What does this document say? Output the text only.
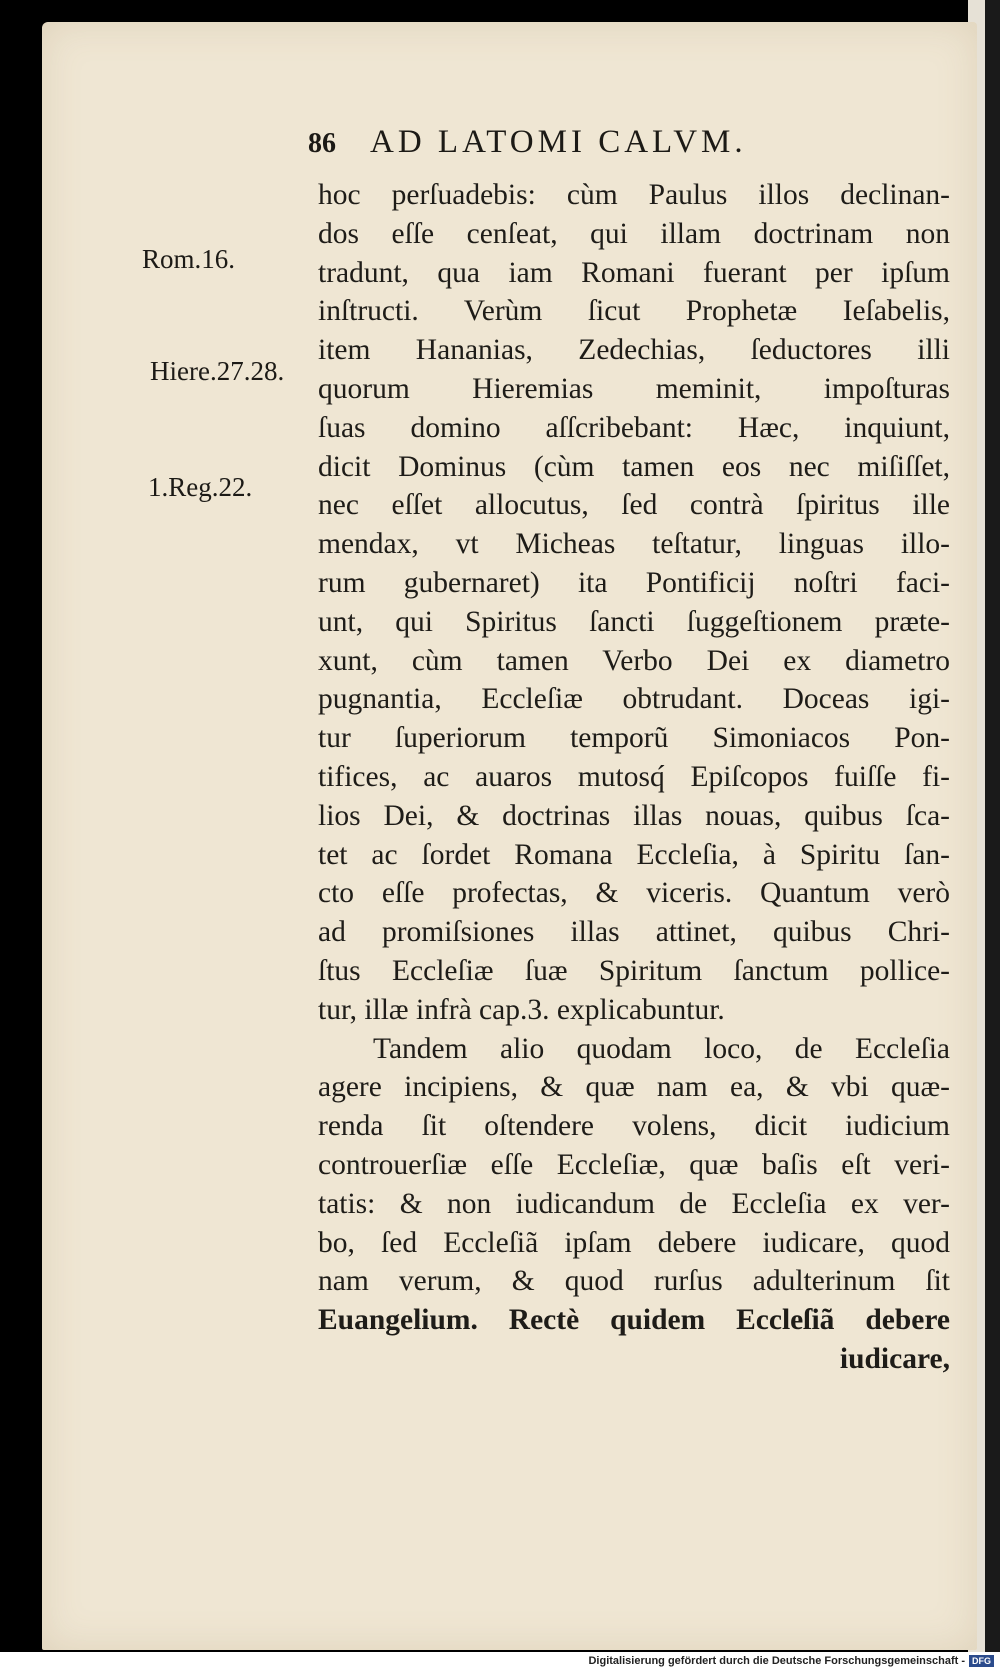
86	AD LATOMI CALVM.
Rom.16.
Hiere.27.28.
1.Reg.22.
hoc perſuadebis: cùm Paulus illos declinan-
dos eſſe cenſeat, qui illam doctrinam non
tradunt, qua iam Romani fuerant per ipſum
inſtructi. Verùm ſicut Prophetæ Ieſabelis,
item Hananias, Zedechias, ſeductores illi
quorum Hieremias meminit, impoſturas
ſuas domino aſſcribebant: Hæc, inquiunt,
dicit Dominus (cùm tamen eos nec miſiſſet,
nec eſſet allocutus, ſed contrà ſpiritus ille
mendax, vt Micheas teſtatur, linguas illo-
rum gubernaret) ita Pontificij noſtri faci-
unt, qui Spiritus ſancti ſuggeſtionem præte-
xunt, cùm tamen Verbo Dei ex diametro
pugnantia, Eccleſiæ obtrudant. Doceas igi-
tur ſuperiorum temporũ Simoniacos Pon-
tifices, ac auaros mutosq́ Epiſcopos fuiſſe fi-
lios Dei, & doctrinas illas nouas, quibus ſca-
tet ac ſordet Romana Eccleſia, à Spiritu ſan-
cto eſſe profectas, & viceris. Quantum verò
ad promiſsiones illas attinet, quibus Chri-
ſtus Eccleſiæ ſuæ Spiritum ſanctum pollice-
tur, illæ infrà cap.3. explicabuntur.
Tandem alio quodam loco, de Eccleſia
agere incipiens, & quæ nam ea, & vbi quæ-
renda ſit oſtendere volens, dicit iudicium
controuerſiæ eſſe Eccleſiæ, quæ baſis eſt veri-
tatis: & non iudicandum de Eccleſia ex ver-
bo, ſed Eccleſiã ipſam debere iudicare, quod
nam verum, & quod rurſus adulterinum ſit
Euangelium. Rectè quidem Eccleſiã debere
iudicare,
Digitalisierung gefördert durch die Deutsche Forschungsgemeinschaft - DFG
